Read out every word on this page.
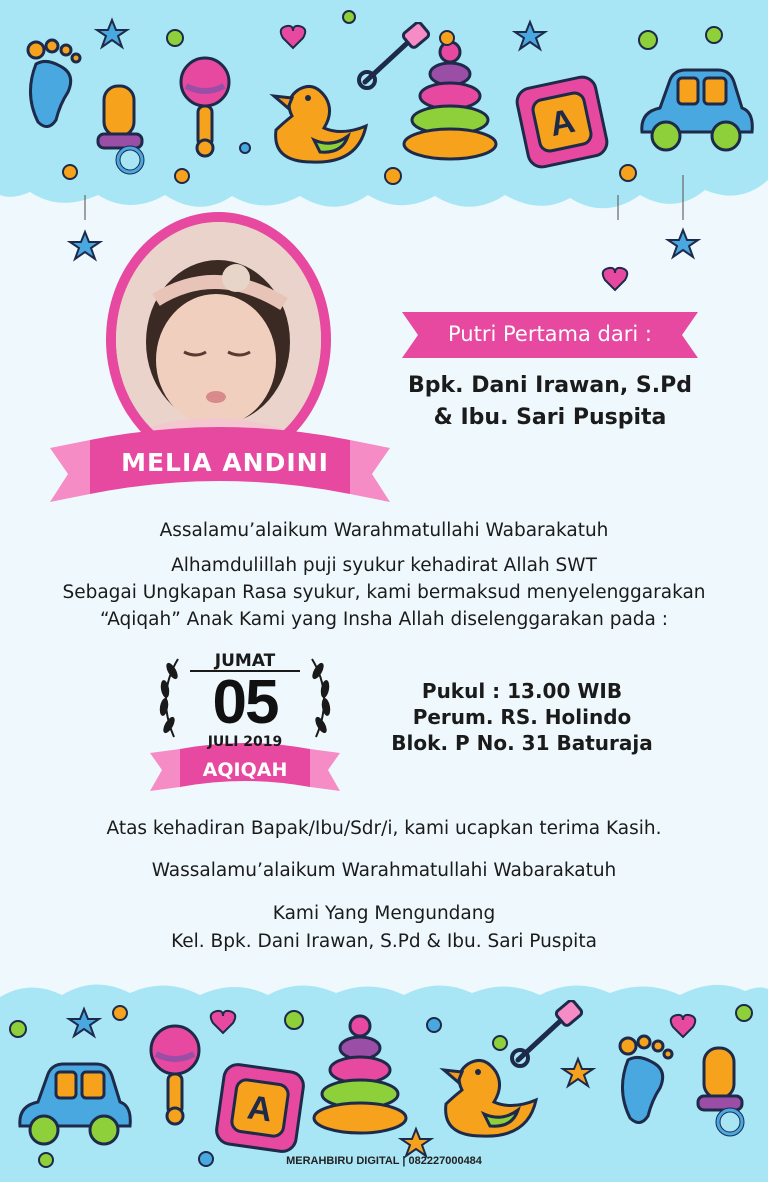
A
MELIA ANDINI
Putri Pertama dari :
Bpk. Dani Irawan, S.Pd
& Ibu. Sari Puspita
Assalamu’alaikum Warahmatullahi Wabarakatuh
Alhamdulillah puji syukur kehadirat Allah SWT
Sebagai Ungkapan Rasa syukur, kami bermaksud menyelenggarakan
“Aqiqah” Anak Kami yang Insha Allah diselenggarakan pada :
JUMAT
05
JULI 2019
AQIQAH
Pukul : 13.00 WIB
Perum. RS. Holindo
Blok. P No. 31 Baturaja
Atas kehadiran Bapak/Ibu/Sdr/i, kami ucapkan terima Kasih.
Wassalamu’alaikum Warahmatullahi Wabarakatuh
Kami Yang Mengundang
Kel. Bpk. Dani Irawan, S.Pd & Ibu. Sari Puspita
A
MERAHBIRU DIGITAL | 082227000484
